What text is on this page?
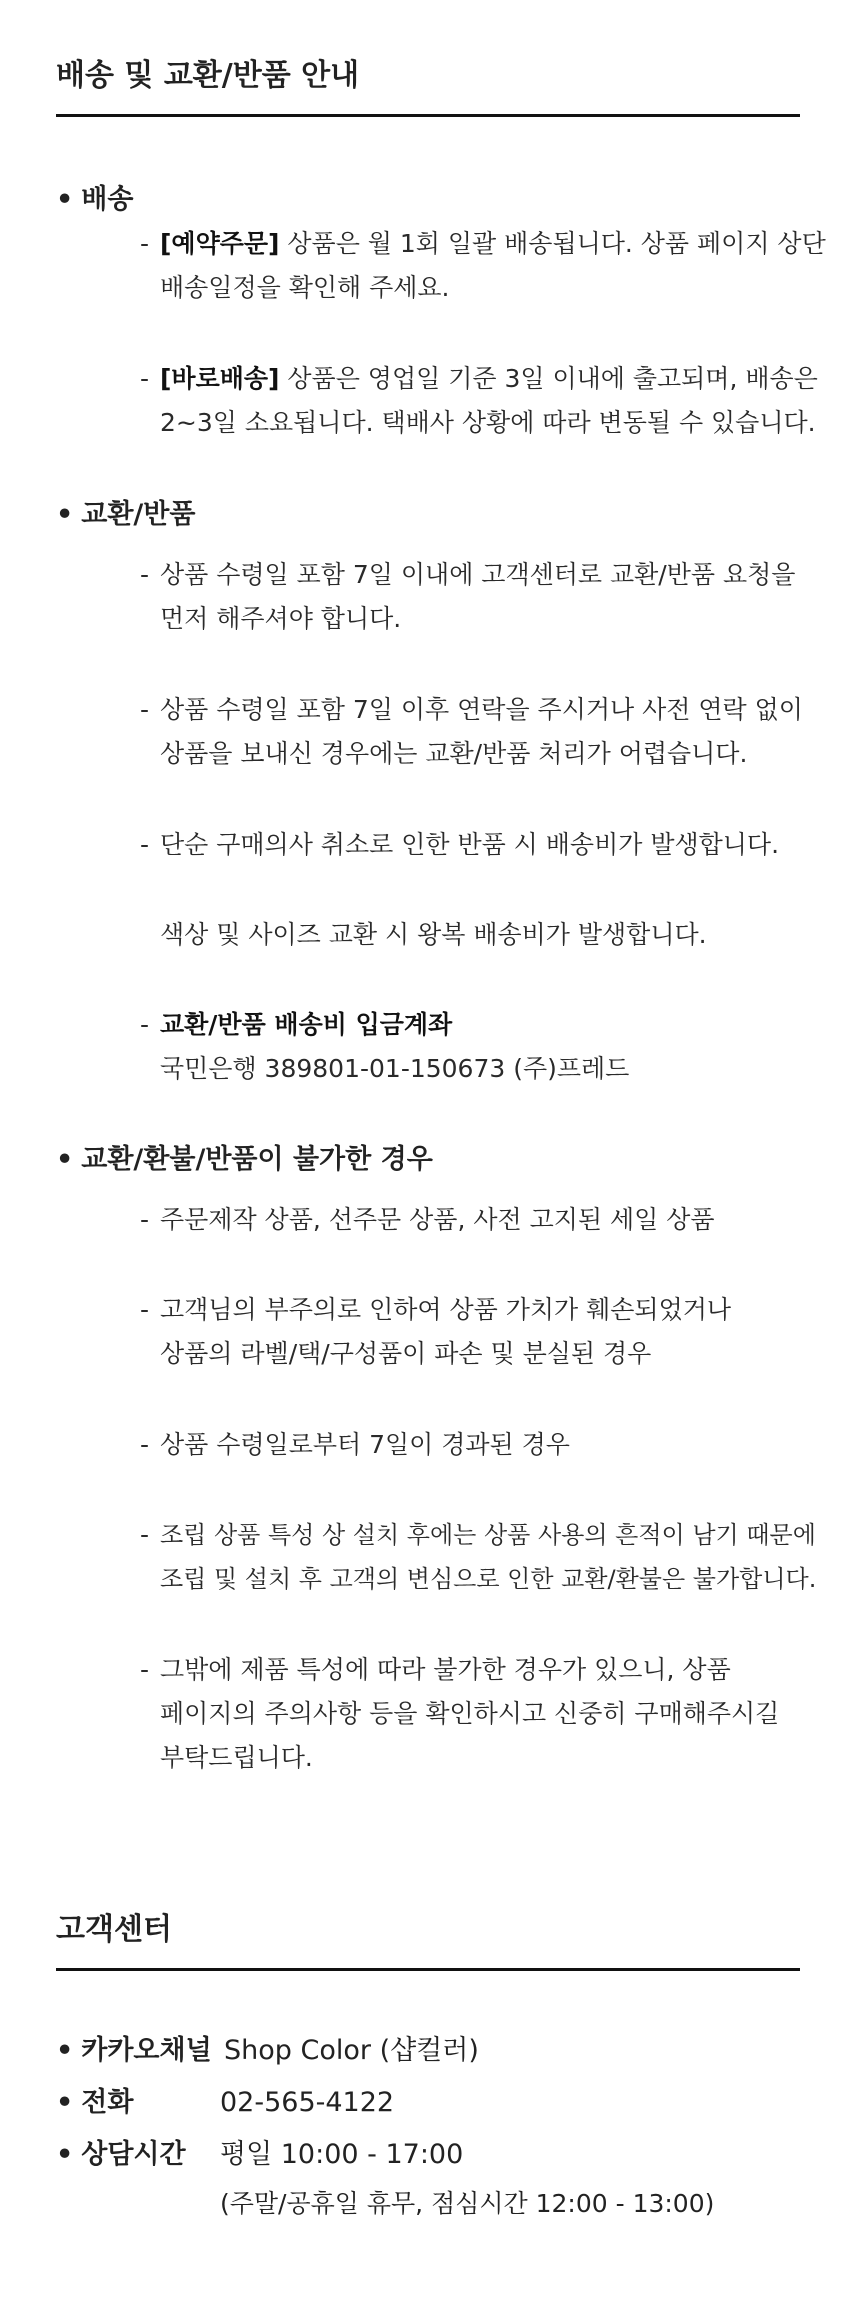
배송 및 교환/반품 안내
• 배송
- [예약주문] 상품은 월 1회 일괄 배송됩니다. 상품 페이지 상단
배송일정을 확인해 주세요.
- [바로배송] 상품은 영업일 기준 3일 이내에 출고되며, 배송은
2~3일 소요됩니다. 택배사 상황에 따라 변동될 수 있습니다.
• 교환/반품
- 상품 수령일 포함 7일 이내에 고객센터로 교환/반품 요청을
먼저 해주셔야 합니다.
- 상품 수령일 포함 7일 이후 연락을 주시거나 사전 연락 없이
상품을 보내신 경우에는 교환/반품 처리가 어렵습니다.
- 단순 구매의사 취소로 인한 반품 시 배송비가 발생합니다.
색상 및 사이즈 교환 시 왕복 배송비가 발생합니다.
- 교환/반품 배송비 입금계좌
국민은행 389801-01-150673 (주)프레드
• 교환/환불/반품이 불가한 경우
- 주문제작 상품, 선주문 상품, 사전 고지된 세일 상품
- 고객님의 부주의로 인하여 상품 가치가 훼손되었거나
상품의 라벨/택/구성품이 파손 및 분실된 경우
- 상품 수령일로부터 7일이 경과된 경우
- 조립 상품 특성 상 설치 후에는 상품 사용의 흔적이 남기 때문에
조립 및 설치 후 고객의 변심으로 인한 교환/환불은 불가합니다.
- 그밖에 제품 특성에 따라 불가한 경우가 있으니, 상품
페이지의 주의사항 등을 확인하시고 신중히 구매해주시길
부탁드립니다.
고객센터
• 카카오채널 Shop Color (샵컬러)
• 전화	02-565-4122
• 상담시간 평일 10:00 - 17:00
(주말/공휴일 휴무, 점심시간 12:00 - 13:00)
